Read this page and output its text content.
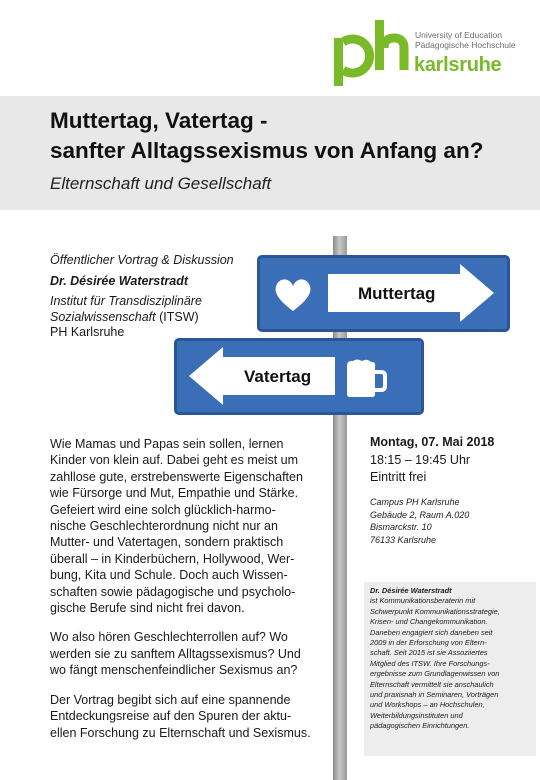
University of Education
Pädagogische Hochschule
karlsruhe
Muttertag, Vatertag -
sanfter Alltagssexismus von Anfang an?
Elternschaft und Gesellschaft
Muttertag
Vatertag

Öffentlicher Vortrag & Diskussion

Dr. Désirée Waterstradt

Institut für Transdisziplinäre

Sozialwissenschaft (ITSW)

PH Karlsruhe

Wie Mamas und Papas sein sollen, lernen
Kinder von klein auf. Dabei geht es meist um
zahllose gute, erstrebenswerte Eigenschaften
wie Fürsorge und Mut, Empathie und Stärke.
Gefeiert wird eine solch glücklich-harmo-
nische Geschlechterordnung nicht nur an
Mutter- und Vatertagen, sondern praktisch
überall – in Kinderbüchern, Hollywood, Wer-
bung, Kita und Schule. Doch auch Wissen-
schaften sowie pädagogische und psycholo-
gische Berufe sind nicht frei davon.

Wo also hören Geschlechterrollen auf? Wo
werden sie zu sanftem Alltagssexismus? Und
wo fängt menschenfeindlicher Sexismus an?

Der Vortrag begibt sich auf eine spannende
Entdeckungsreise auf den Spuren der aktu-
ellen Forschung zu Elternschaft und Sexismus.

Montag, 07. Mai 2018
18:15 – 19:45 Uhr
Eintritt frei
Campus PH Karlsruhe
Gebäude 2, Raum A.020
Bismarckstr. 10
76133 Karlsruhe
Dr. Désirée Waterstradt
ist Kommunikationsberaterin mit
Schwerpunkt Kommunikationsstrategie,
Krisen- und Changekommunikation.
Daneben engagiert sich daneben seit
2009 in der Erforschung von Eltern-
schaft. Seit 2015 ist sie Assoziiertes
Mitglied des ITSW. Ihre Forschungs-
ergebnisse zum Grundlagenwissen von
Elternschaft vermittelt sie anschaulich
und praxisnah in Seminaren, Vorträgen
und Workshops – an Hochschulen,
Weiterbildungsinstituten und
pädagogischen Einrichtungen.
